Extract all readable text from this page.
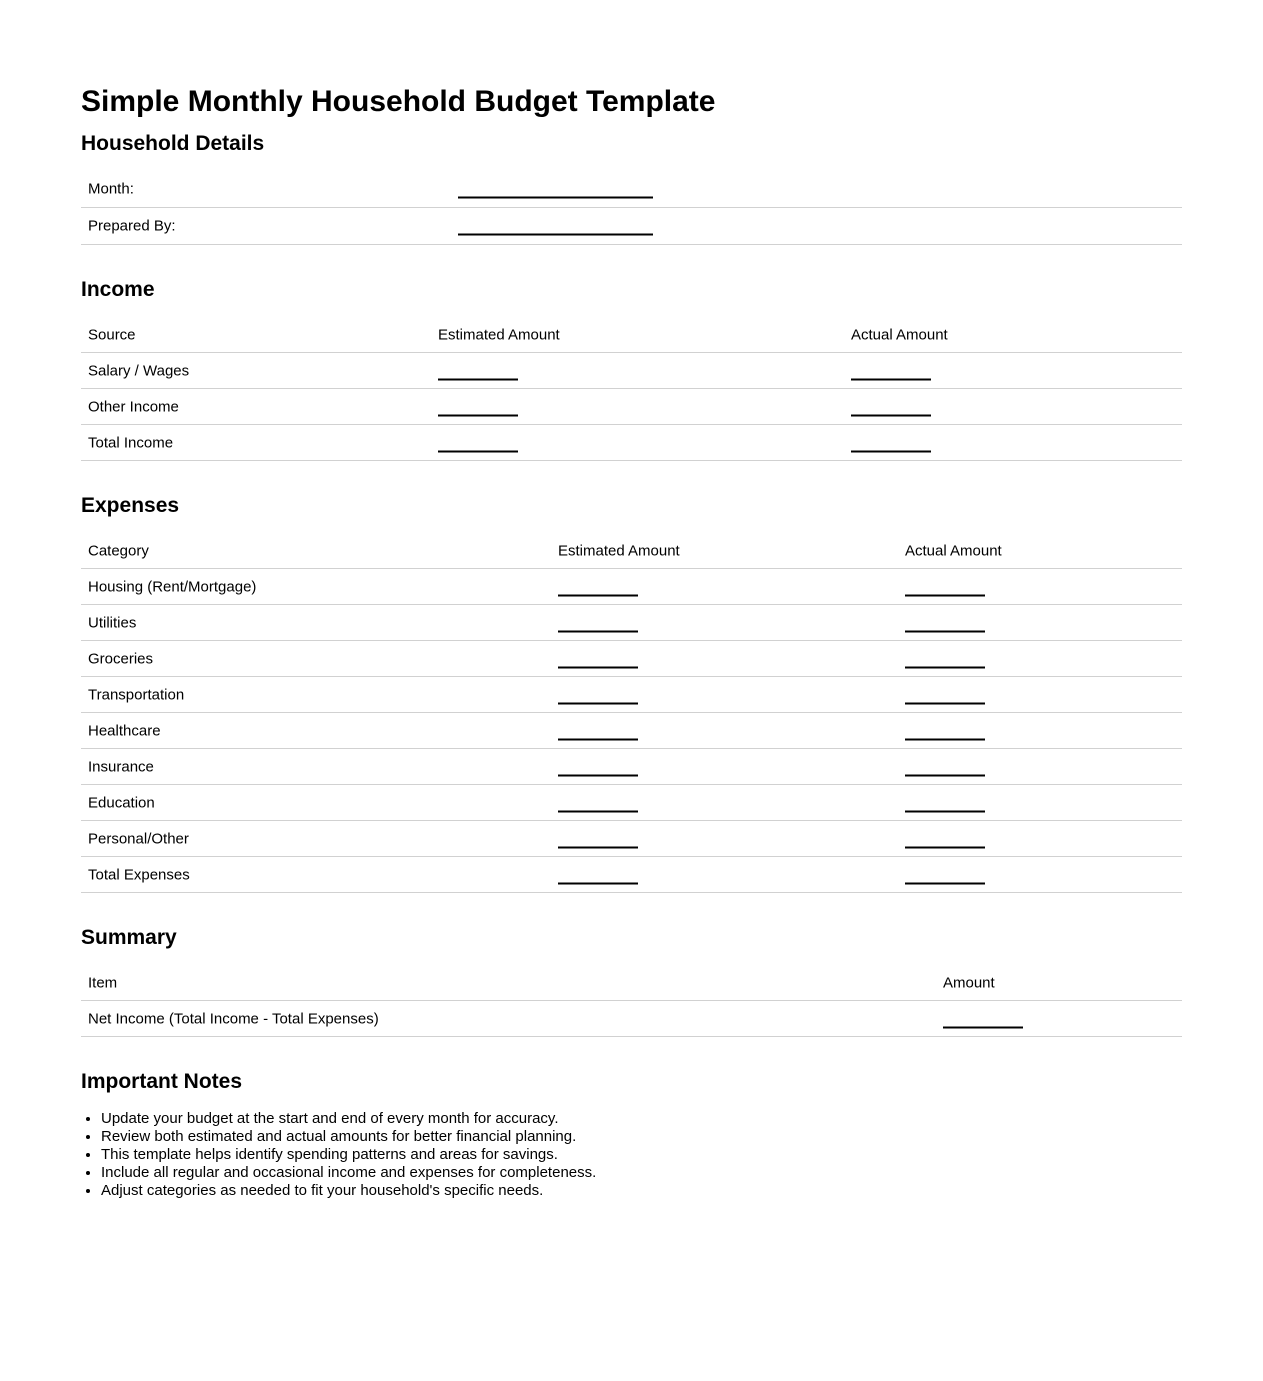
Simple Monthly Household Budget Template
Household Details
Month:
Prepared By:
Income
Source	Estimated Amount	Actual Amount
Salary / Wages
Other Income
Total Income
Expenses
Category	Estimated Amount	Actual Amount
Housing (Rent/Mortgage)
Utilities
Groceries
Transportation
Healthcare
Insurance
Education
Personal/Other
Total Expenses
Summary
Item	Amount
Net Income (Total Income - Total Expenses)
Important Notes
• Update your budget at the start and end of every month for accuracy.
• Review both estimated and actual amounts for better financial planning.
• This template helps identify spending patterns and areas for savings.
• Include all regular and occasional income and expenses for completeness.
• Adjust categories as needed to fit your household's specific needs.
